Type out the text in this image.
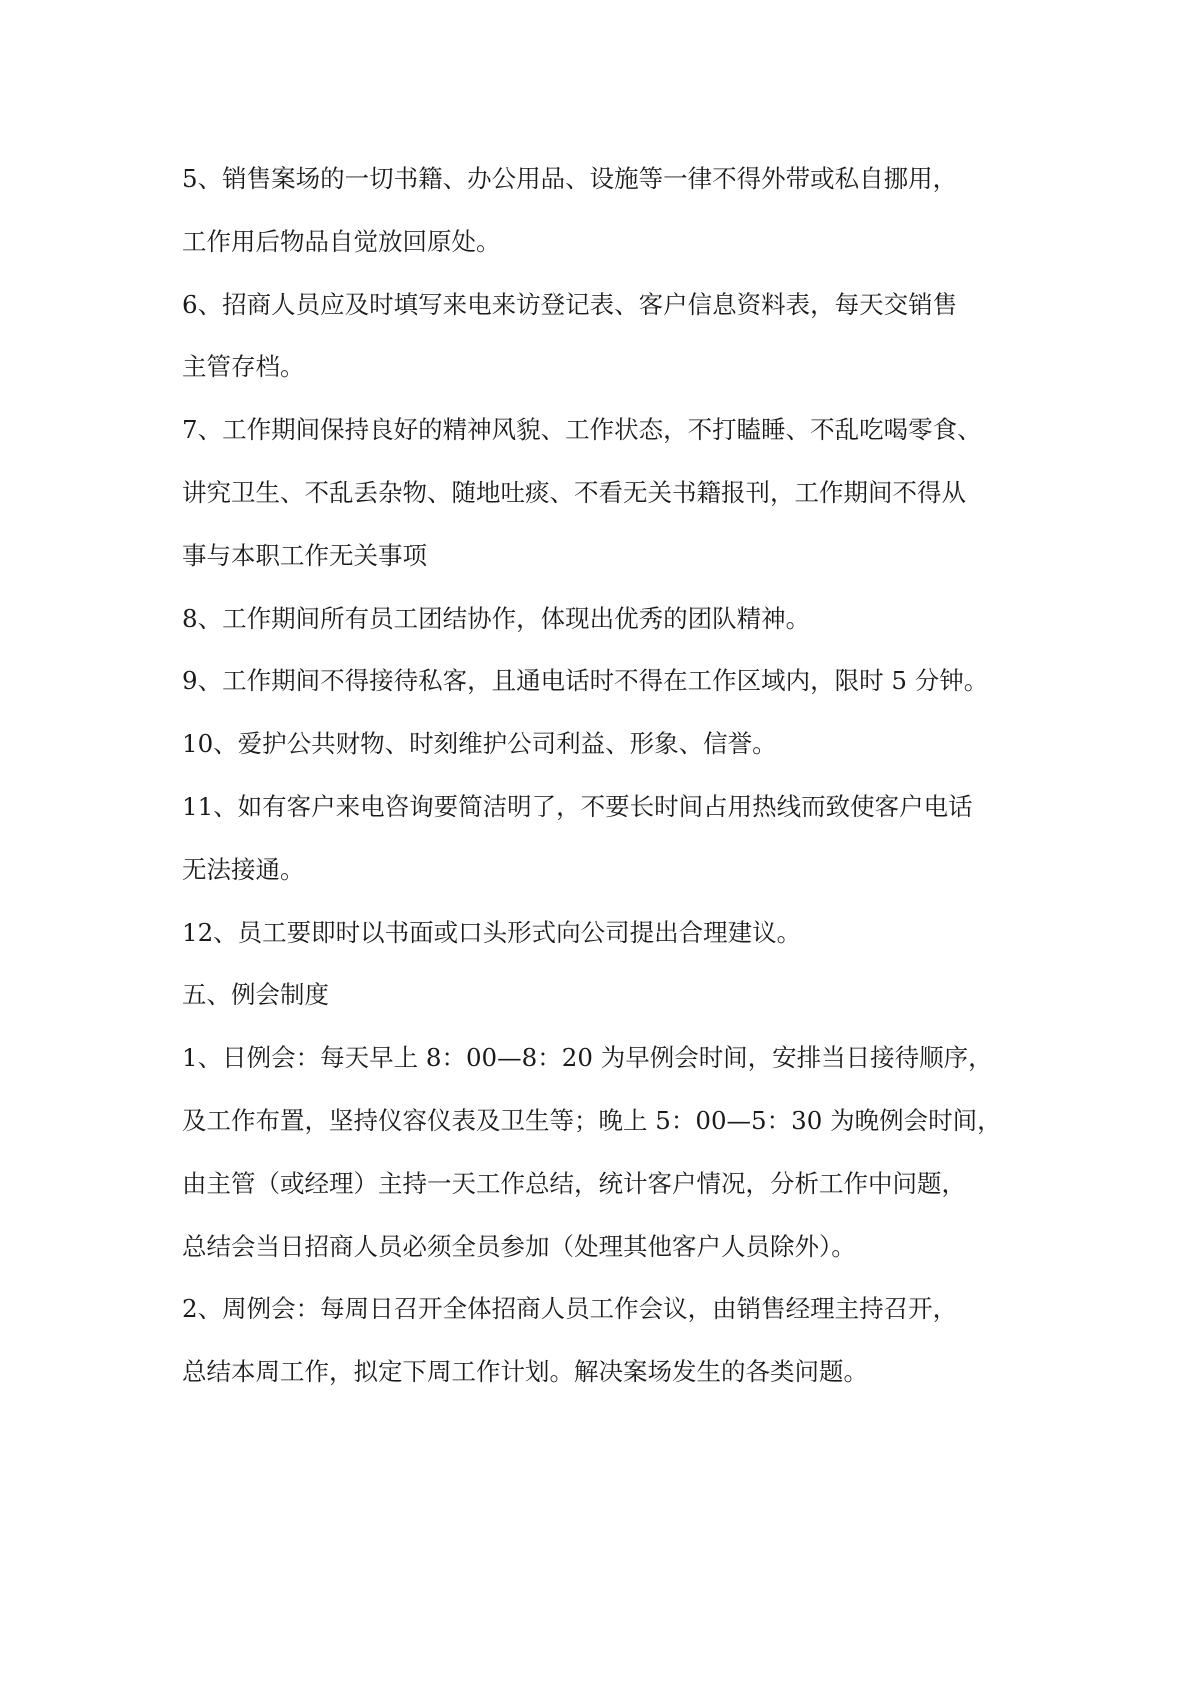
5、销售案场的一切书籍、办公用品、设施等一律不得外带或私自挪用，
工作用后物品自觉放回原处。
6、招商人员应及时填写来电来访登记表、客户信息资料表，每天交销售
主管存档。
7、工作期间保持良好的精神风貌、工作状态，不打瞌睡、不乱吃喝零食、
讲究卫生、不乱丢杂物、随地吐痰、不看无关书籍报刊，工作期间不得从
事与本职工作无关事项
8、工作期间所有员工团结协作，体现出优秀的团队精神。
9、工作期间不得接待私客，且通电话时不得在工作区域内，限时 5 分钟。
10、爱护公共财物、时刻维护公司利益、形象、信誉。
11、如有客户来电咨询要简洁明了，不要长时间占用热线而致使客户电话
无法接通。
12、员工要即时以书面或口头形式向公司提出合理建议。
五、例会制度
1、日例会：每天早上 8：00—8：20 为早例会时间，安排当日接待顺序，
及工作布置，坚持仪容仪表及卫生等；晚上 5：00—5：30 为晚例会时间，
由主管（或经理）主持一天工作总结，统计客户情况，分析工作中问题，
总结会当日招商人员必须全员参加（处理其他客户人员除外）。
2、周例会：每周日召开全体招商人员工作会议，由销售经理主持召开，
总结本周工作，拟定下周工作计划。解决案场发生的各类问题。
